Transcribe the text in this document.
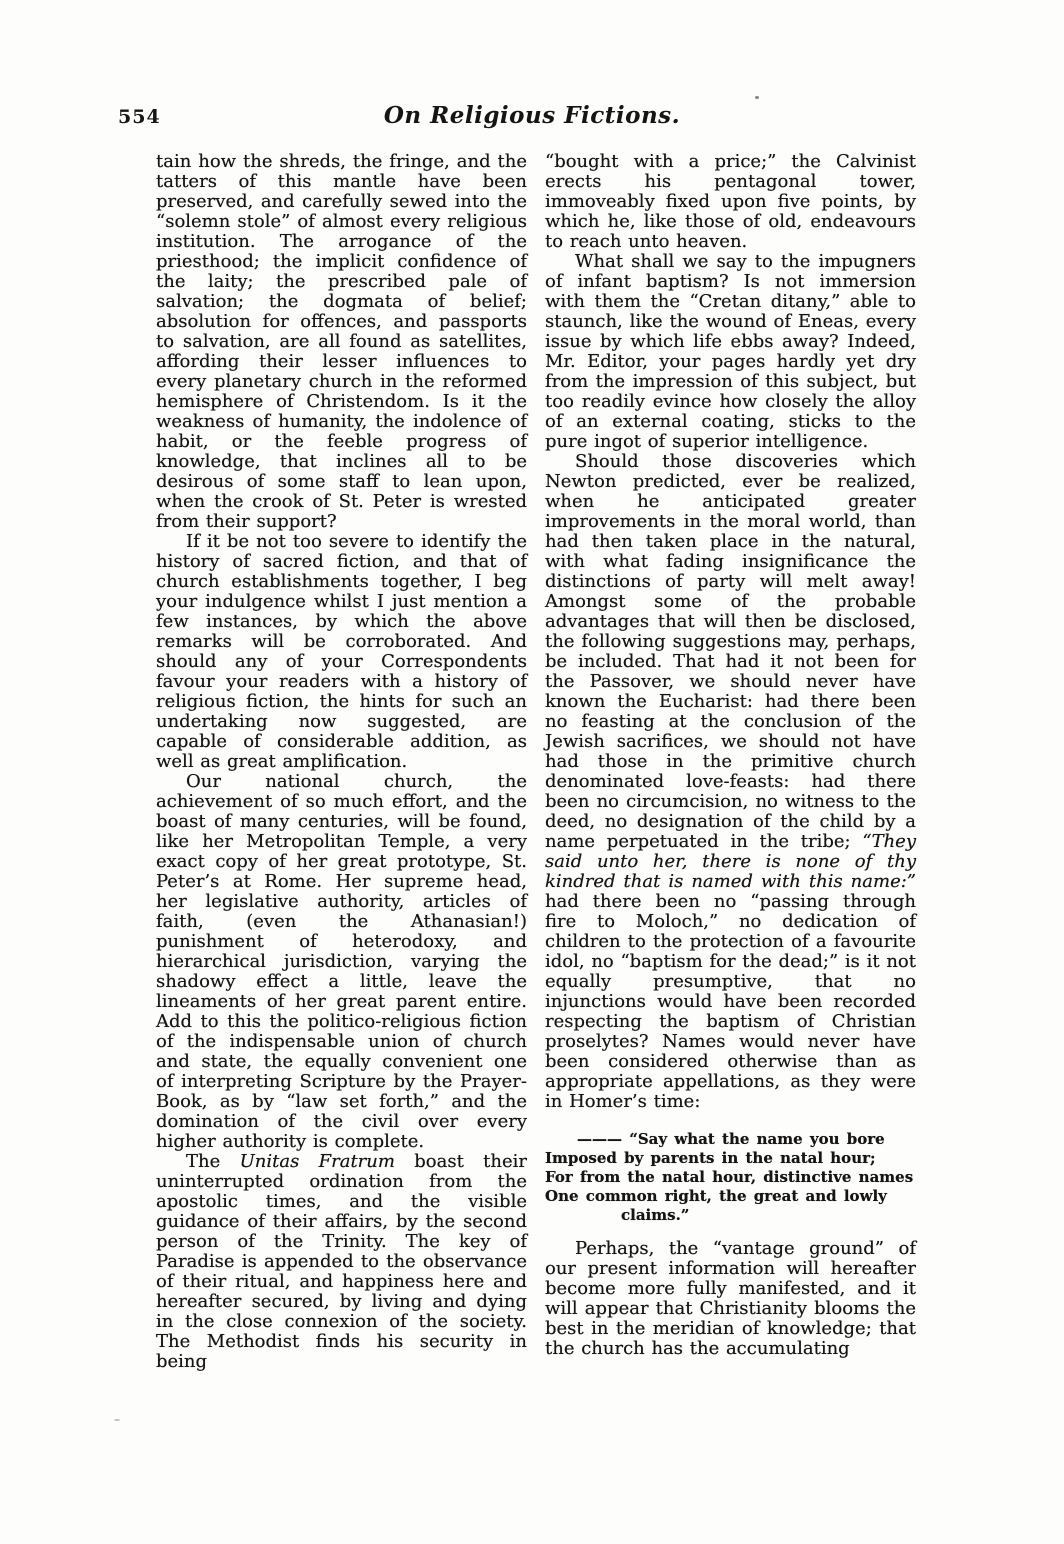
554	On Religious Fictions.

tain how the shreds, the fringe, and the tatters of this mantle have been preserved, and carefully sewed into the “solemn stole” of almost every religious institution. The arrogance of the priesthood; the implicit confidence of the laity; the prescribed pale of salvation; the dogmata of belief; absolution for offences, and passports to salvation, are all found as satellites, affording their lesser influences to every planetary church in the reformed hemisphere of Christendom. Is it the weakness of humanity, the indolence of habit, or the feeble progress of knowledge, that inclines all to be desirous of some staff to lean upon, when the crook of St. Peter is wrested from their support?

If it be not too severe to identify the history of sacred fiction, and that of church establishments together, I beg your indulgence whilst I just mention a few instances, by which the above remarks will be corroborated. And should any of your Correspondents favour your readers with a history of religious fiction, the hints for such an undertaking now suggested, are capable of considerable addition, as well as great amplification.

Our national church, the achievement of so much effort, and the boast of many centuries, will be found, like her Metropolitan Temple, a very exact copy of her great prototype, St. Peter’s at Rome. Her supreme head, her legislative authority, articles of faith, (even the Athanasian!) punishment of heterodoxy, and hierarchical jurisdiction, varying the shadowy effect a little, leave the lineaments of her great parent entire. Add to this the politico-religious fiction of the indispensable union of church and state, the equally convenient one of interpreting Scripture by the Prayer-Book, as by “law set forth,” and the domination of the civil over every higher authority is complete.

The Unitas Fratrum boast their uninterrupted ordination from the apostolic times, and the visible guidance of their affairs, by the second person of the Trinity. The key of Paradise is appended to the observance of their ritual, and happiness here and hereafter secured, by living and dying in the close connexion of the society. The Methodist finds his security in being

“bought with a price;” the Calvinist erects his pentagonal tower, immoveably fixed upon five points, by which he, like those of old, endeavours to reach unto heaven.

What shall we say to the impugners of infant baptism? Is not immersion with them the “Cretan ditany,” able to staunch, like the wound of Eneas, every issue by which life ebbs away? Indeed, Mr. Editor, your pages hardly yet dry from the impression of this subject, but too readily evince how closely the alloy of an external coating, sticks to the pure ingot of superior intelligence.

Should those discoveries which Newton predicted, ever be realized, when he anticipated greater improvements in the moral world, than had then taken place in the natural, with what fading insignificance the distinctions of party will melt away! Amongst some of the probable advantages that will then be disclosed, the following suggestions may, perhaps, be included. That had it not been for the Passover, we should never have known the Eucharist: had there been no feasting at the conclusion of the Jewish sacrifices, we should not have had those in the primitive church denominated love-feasts: had there been no circumcision, no witness to the deed, no designation of the child by a name perpetuated in the tribe; “They said unto her, there is none of thy kindred that is named with this name:” had there been no “passing through fire to Moloch,” no dedication of children to the protection of a favourite idol, no “baptism for the dead;” is it not equally presumptive, that no injunctions would have been recorded respecting the baptism of Christian proselytes? Names would never have been considered otherwise than as appropriate appellations, as they were in Homer’s time:

——— “Say what the name you bore
Imposed by parents in the natal hour;
For from the natal hour, distinctive names
One common right, the great and lowly
claims.”

Perhaps, the “vantage ground” of our present information will hereafter become more fully manifested, and it will appear that Christianity blooms the best in the meridian of knowledge; that the church has the accumulating
